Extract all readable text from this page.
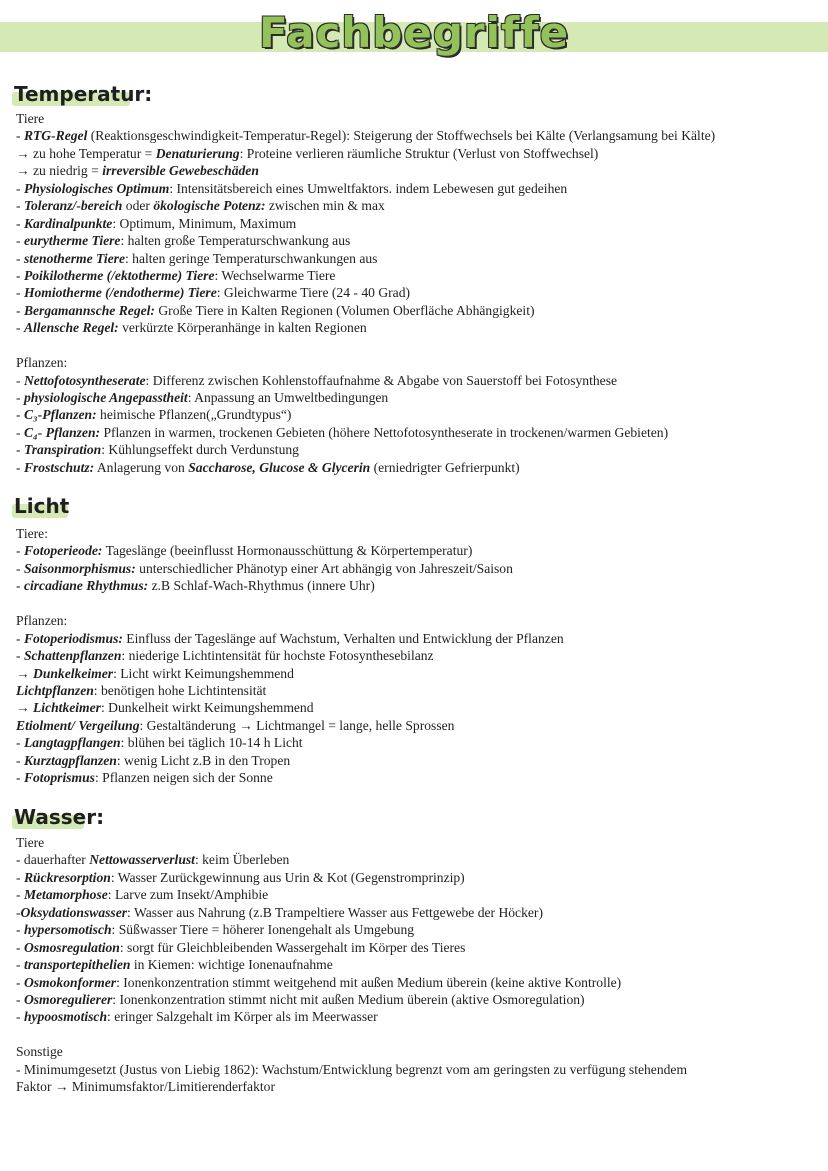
Fachbegriffe
Temperatur:
Tiere
- RTG-Regel (Reaktionsgeschwindigkeit-Temperatur-Regel): Steigerung der Stoffwechsels bei Kälte (Verlangsamung bei Kälte)
→ zu hohe Temperatur = Denaturierung: Proteine verlieren räumliche Struktur (Verlust von Stoffwechsel)
→ zu niedrig = irreversible Gewebeschäden
- Physiologisches Optimum: Intensitätsbereich eines Umweltfaktors. indem Lebewesen gut gedeihen
- Toleranz/-bereich oder ökologische Potenz: zwischen min & max
- Kardinalpunkte: Optimum, Minimum, Maximum
- eurytherme Tiere: halten große Temperaturschwankung aus
- stenotherme Tiere: halten geringe Temperaturschwankungen aus
- Poikilotherme (/ektotherme) Tiere: Wechselwarme Tiere
- Homiotherme (/endotherme) Tiere: Gleichwarme Tiere (24 - 40 Grad)
- Bergamannsche Regel: Große Tiere in Kalten Regionen (Volumen Oberfläche Abhängigkeit)
- Allensche Regel: verkürzte Körperanhänge in kalten Regionen
Pflanzen:
- Nettofotosyntheserate: Differenz zwischen Kohlenstoffaufnahme & Abgabe von Sauerstoff bei Fotosynthese
- physiologische Angepasstheit: Anpassung an Umweltbedingungen
- C₃-Pflanzen: heimische Pflanzen(„Grundtypus“)
- C₄- Pflanzen: Pflanzen in warmen, trockenen Gebieten (höhere Nettofotosyntheserate in trockenen/warmen Gebieten)
- Transpiration: Kühlungseffekt durch Verdunstung
- Frostschutz: Anlagerung von Saccharose, Glucose & Glycerin (erniedrigter Gefrierpunkt)
Licht
Tiere:
- Fotoperieode: Tageslänge (beeinflusst Hormonausschüttung & Körpertemperatur)
- Saisonmorphismus: unterschiedlicher Phänotyp einer Art abhängig von Jahreszeit/Saison
- circadiane Rhythmus: z.B Schlaf-Wach-Rhythmus (innere Uhr)
Pflanzen:
- Fotoperiodismus: Einfluss der Tageslänge auf Wachstum, Verhalten und Entwicklung der Pflanzen
- Schattenpflanzen: niederige Lichtintensität für hochste Fotosynthesebilanz
→ Dunkelkeimer: Licht wirkt Keimungshemmend
Lichtpflanzen: benötigen hohe Lichtintensität
→ Lichtkeimer: Dunkelheit wirkt Keimungshemmend
Etiolment/ Vergeilung: Gestaltänderung → Lichtmangel = lange, helle Sprossen
- Langtagpflangen: blühen bei täglich 10-14 h Licht
- Kurztagpflanzen: wenig Licht z.B in den Tropen
- Fotoprismus: Pflanzen neigen sich der Sonne
Wasser:
Tiere
- dauerhafter Nettowasserverlust: keim Überleben
- Rückresorption: Wasser Zurückgewinnung aus Urin & Kot (Gegenstromprinzip)
- Metamorphose: Larve zum Insekt/Amphibie
-Oksydationswasser: Wasser aus Nahrung (z.B Trampeltiere Wasser aus Fettgewebe der Höcker)
- hypersomotisch: Süßwasser Tiere = höherer Ionengehalt als Umgebung
- Osmosregulation: sorgt für Gleichbleibenden Wassergehalt im Körper des Tieres
- transportepithelien in Kiemen: wichtige Ionenaufnahme
- Osmokonformer: Ionenkonzentration stimmt weitgehend mit außen Medium überein (keine aktive Kontrolle)
- Osmoregulierer: Ionenkonzentration stimmt nicht mit außen Medium überein (aktive Osmoregulation)
- hypoosmotisch: eringer Salzgehalt im Körper als im Meerwasser
Sonstige
- Minimumgesetzt (Justus von Liebig 1862): Wachstum/Entwicklung begrenzt vom am geringsten zu verfügung stehendem
Faktor → Minimumsfaktor/Limitierenderfaktor
